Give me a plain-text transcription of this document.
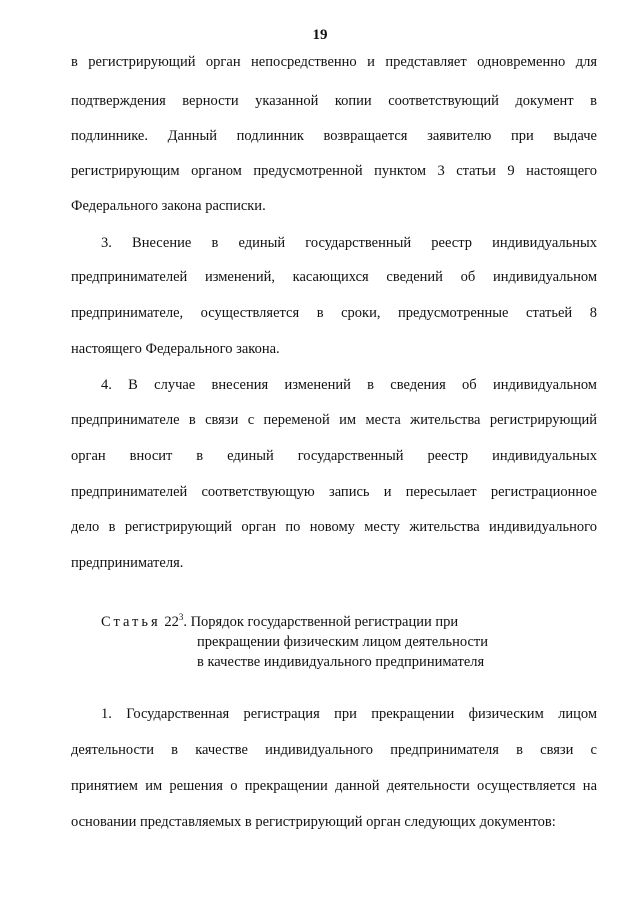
19
в регистрирующий орган непосредственно и представляет одновременно для
подтверждения верности указанной копии соответствующий документ в
подлиннике. Данный подлинник возвращается заявителю при выдаче
регистрирующим органом предусмотренной пунктом 3 статьи 9 настоящего
Федерального закона расписки.
3. Внесение в единый государственный реестр индивидуальных
предпринимателей изменений, касающихся сведений об индивидуальном
предпринимателе, осуществляется в сроки, предусмотренные статьей 8
настоящего Федерального закона.
4. В случае внесения изменений в сведения об индивидуальном
предпринимателе в связи с переменой им места жительства регистрирующий
орган вносит в единый государственный реестр индивидуальных
предпринимателей соответствующую запись и пересылает регистрационное
дело в регистрирующий орган по новому месту жительства индивидуального
предпринимателя.
Статья $22^3$. Порядок государственной регистрации при
прекращении физическим лицом деятельности
в качестве индивидуального предпринимателя
1. Государственная регистрация при прекращении физическим лицом
деятельности в качестве индивидуального предпринимателя в связи с
принятием им решения о прекращении данной деятельности осуществляется на
основании представляемых в регистрирующий орган следующих документов:
